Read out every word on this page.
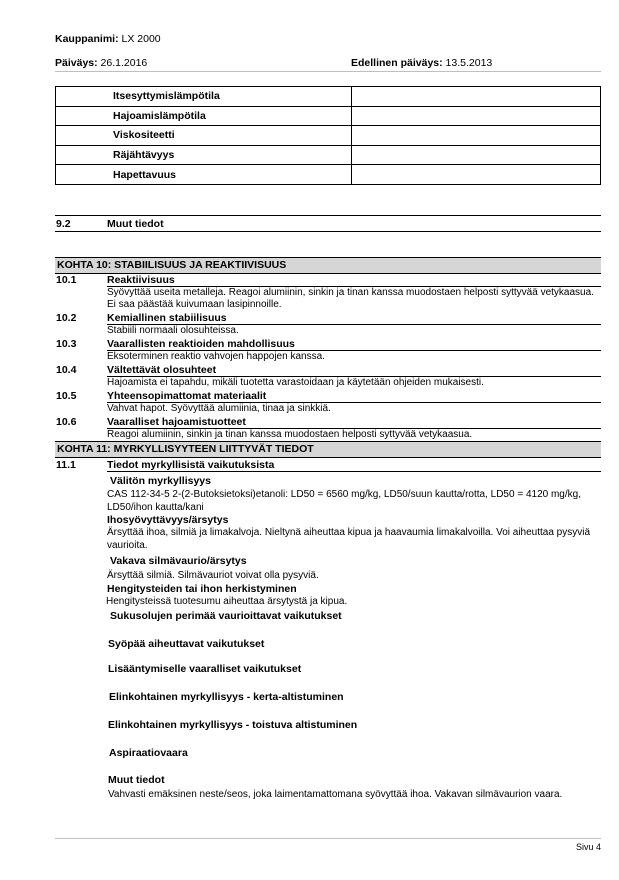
Kauppanimi: LX 2000
Päiväys: 26.1.2016	Edellinen päiväys: 13.5.2013
Itsesyttymislämpötila	
Hajoamislämpötila	
Viskositeetti	
Räjähtävyys	
Hapettavuus	
9.2	Muut tiedot
KOHTA 10: STABIILISUUS JA REAKTIIVISUUS
10.1	Reaktiivisuus
Syövyttää useita metalleja. Reagoi alumiinin, sinkin ja tinan kanssa muodostaen helposti syttyvää vetykaasua. Ei saa päästää kuivumaan lasipinnoille.
10.2	Kemiallinen stabiilisuus
Stabiili normaali olosuhteissa.
10.3	Vaarallisten reaktioiden mahdollisuus
Eksoterminen reaktio vahvojen happojen kanssa.
10.4	Vältettävät olosuhteet
Hajoamista ei tapahdu, mikäli tuotetta varastoidaan ja käytetään ohjeiden mukaisesti.
10.5	Yhteensopimattomat materiaalit
Vahvat hapot. Syövyttää alumiinia, tinaa ja sinkkiä.
10.6	Vaaralliset hajoamistuotteet
Reagoi alumiinin, sinkin ja tinan kanssa muodostaen helposti syttyvää vetykaasua.
KOHTA 11: MYRKYLLISYYTEEN LIITTYVÄT TIEDOT
11.1	Tiedot myrkyllisistä vaikutuksista
Välitön myrkyllisyys
CAS 112-34-5 2-(2-Butoksietoksi)etanoli: LD50 = 6560 mg/kg, LD50/suun kautta/rotta, LD50 = 4120 mg/kg, LD50/ihon kautta/kani
Ihosyövyttävyys/ärsytys
Ärsyttää ihoa, silmiä ja limakalvoja. Nieltynä aiheuttaa kipua ja haavaumia limakalvoilla. Voi aiheuttaa pysyviä vaurioita.
Vakava silmävaurio/ärsytys
Ärsyttää silmiä. Silmävauriot voivat olla pysyviä.
Hengitysteiden tai ihon herkistyminen
Hengitysteissä tuotesumu aiheuttaa ärsytystä ja kipua.
Sukusolujen perimää vaurioittavat vaikutukset
Syöpää aiheuttavat vaikutukset
Lisääntymiselle vaaralliset vaikutukset
Elinkohtainen myrkyllisyys - kerta-altistuminen
Elinkohtainen myrkyllisyys - toistuva altistuminen
Aspiraatiovaara
Muut tiedot
Vahvasti emäksinen neste/seos, joka laimentamattomana syövyttää ihoa. Vakavan silmävaurion vaara.
Sivu 4
